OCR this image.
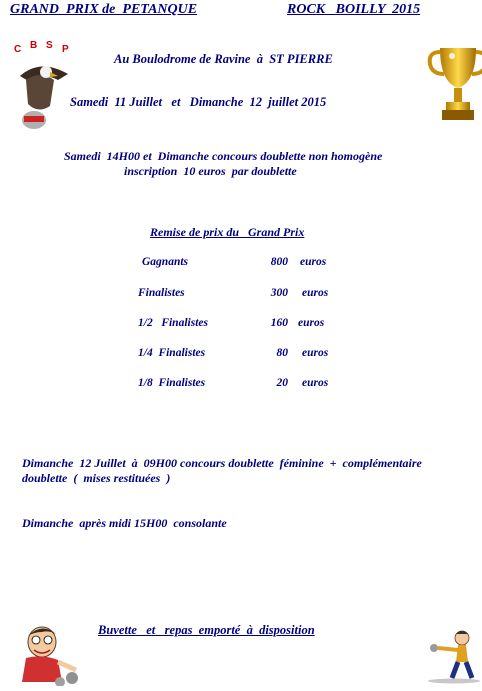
GRAND  PRIX de  PETANQUE	ROCK   BOILLY  2015

C B S P

Au Boulodrome de Ravine  à  ST PIERRE
Samedi  11 Juillet   et   Dimanche  12  juillet 2015
Samedi  14H00 et  Dimanche concours doublette non homogène
inscription  10 euros  par doublette
Remise de prix du   Grand Prix
Gagnants	800 euros
Finalistes	300 euros
1/2   Finalistes	160 euros
1/4  Finalistes	80 euros
1/8  Finalistes	20 euros
Dimanche  12 Juillet  à  09H00 concours doublette  féminine  +  complémentaire
doublette  (  mises restituées  )
Dimanche  après midi 15H00  consolante

Buvette   et   repas  emporté  à  disposition
